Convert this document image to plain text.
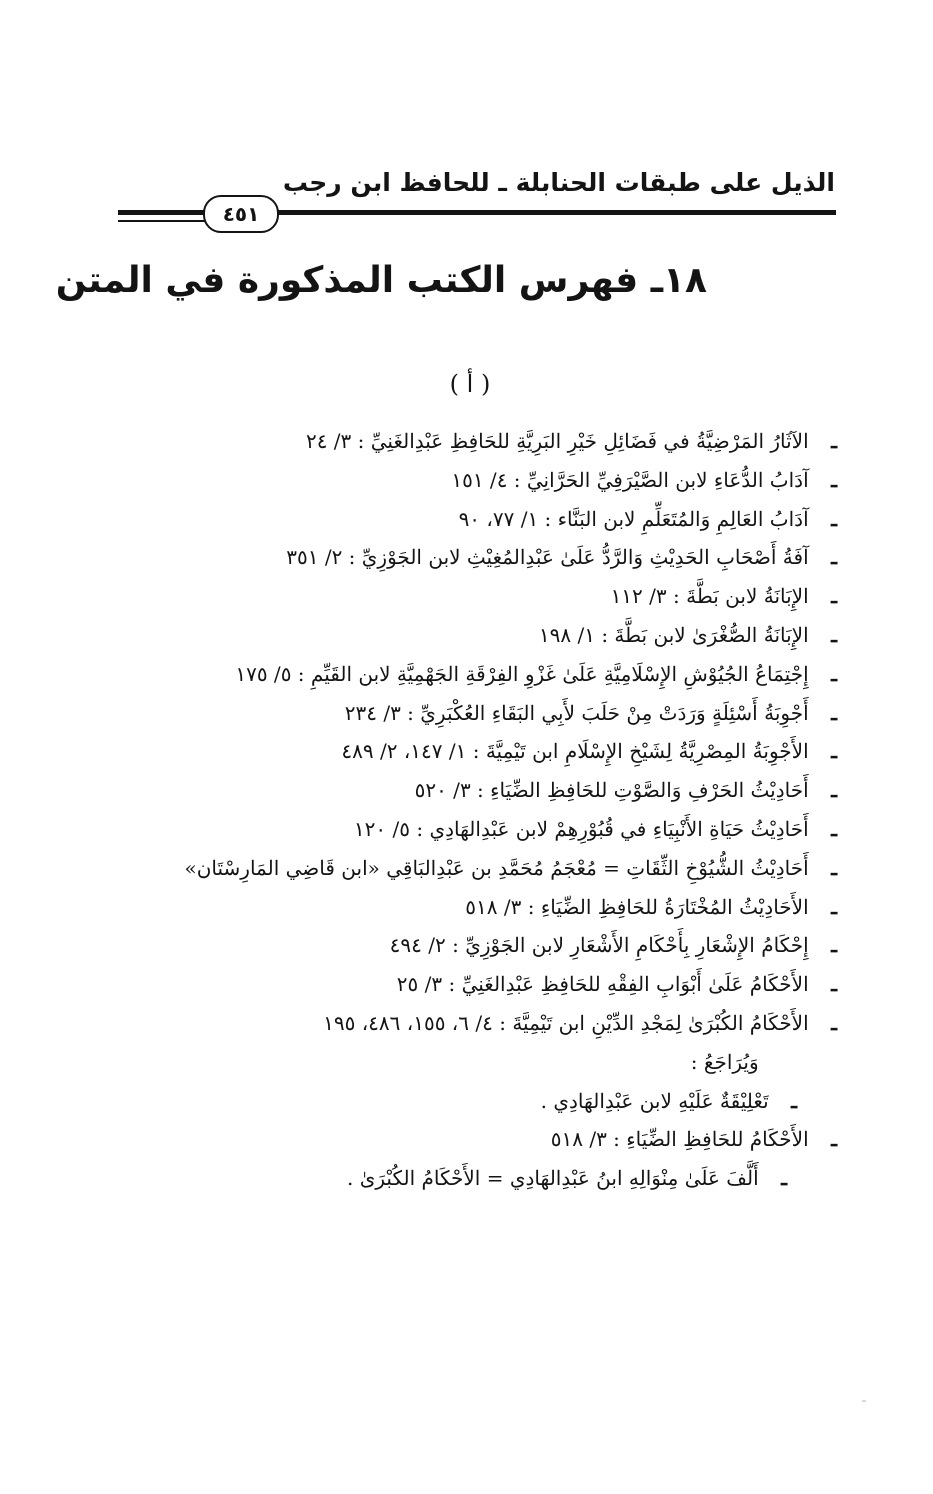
الذيل على طبقات الحنابلة ـ للحافظ ابن رجب
٤٥١
١٨ـ فهرس الكتب المذكورة في المتن
( أ )
ـ الآثَارُ المَرْضِيَّةُ في فَضَائِلِ خَيْرِ البَرِيَّةِ للحَافِظِ عَبْدِالغَنِيِّ : ٣/ ٢٤
ـ آدَابُ الدُّعَاءِ لابن الصَّيْرَفِيِّ الحَرَّانِيِّ : ٤/ ١٥١
ـ آدَابُ العَالِمِ وَالمُتَعَلِّمِ لابن البَنَّاء : ١/ ٧٧، ٩٠
ـ آفَةُ أَصْحَابِ الحَدِيْثِ وَالرَّدُّ عَلَىٰ عَبْدِالمُغِيْثِ لابن الجَوْزِيِّ : ٢/ ٣٥١
ـ الإِبَانَةُ لابن بَطَّةَ : ٣/ ١١٢
ـ الإِبَانَةُ الصُّغْرَىٰ لابن بَطَّةَ : ١/ ١٩٨
ـ إِجْتِمَاعُ الجُيُوْشِ الإِسْلَامِيَّةِ عَلَىٰ غَزْوِ الفِرْقَةِ الجَهْمِيَّةِ لابن القَيِّمِ : ٥/ ١٧٥
ـ أَجْوِبَةُ أَسْئِلَةٍ وَرَدَتْ مِنْ حَلَبَ لأَبِي البَقَاءِ العُكْبَرِيِّ : ٣/ ٢٣٤
ـ الأَجْوِبَةُ المِصْرِيَّةُ لِشَيْخِ الإِسْلَامِ ابن تَيْمِيَّةَ : ١/ ١٤٧، ٢/ ٤٨٩
ـ أَحَادِيْثُ الحَرْفِ وَالصَّوْتِ للحَافِظِ الضِّيَاءِ : ٣/ ٥٢٠
ـ أَحَادِيْثُ حَيَاةِ الأَنْبِيَاءِ في قُبُوْرِهِمْ لابن عَبْدِالهَادِي : ٥/ ١٢٠
ـ أَحَادِيْثُ الشُّيُوْخِ الثِّقَاتِ = مُعْجَمُ مُحَمَّدِ بن عَبْدِالبَاقِي «ابن قَاضِي المَارِسْتَان»
ـ الأَحَادِيْثُ المُخْتَارَةُ للحَافِظِ الضِّيَاءِ : ٣/ ٥١٨
ـ إِحْكَامُ الإِشْعَارِ بِأَحْكَامِ الأَشْعَارِ لابن الجَوْزِيِّ : ٢/ ٤٩٤
ـ الأَحْكَامُ عَلَىٰ أَبْوَابِ الفِقْهِ للحَافِظِ عَبْدِالغَنِيِّ : ٣/ ٢٥
ـ الأَحْكَامُ الكُبْرَىٰ لِمَجْدِ الدِّيْنِ ابن تَيْمِيَّةَ : ٤/ ٦، ١٥٥، ٤٨٦، ١٩٥
وَيُرَاجَعُ :
ـ تَعْلِيْقَةٌ عَلَيْهِ لابن عَبْدِالهَادِي .
ـ الأَحْكَامُ للحَافِظِ الضِّيَاءِ : ٣/ ٥١٨
ـ أَلَّفَ عَلَىٰ مِنْوَالِهِ ابنُ عَبْدِالهَادِي = الأَحْكَامُ الكُبْرَىٰ .
